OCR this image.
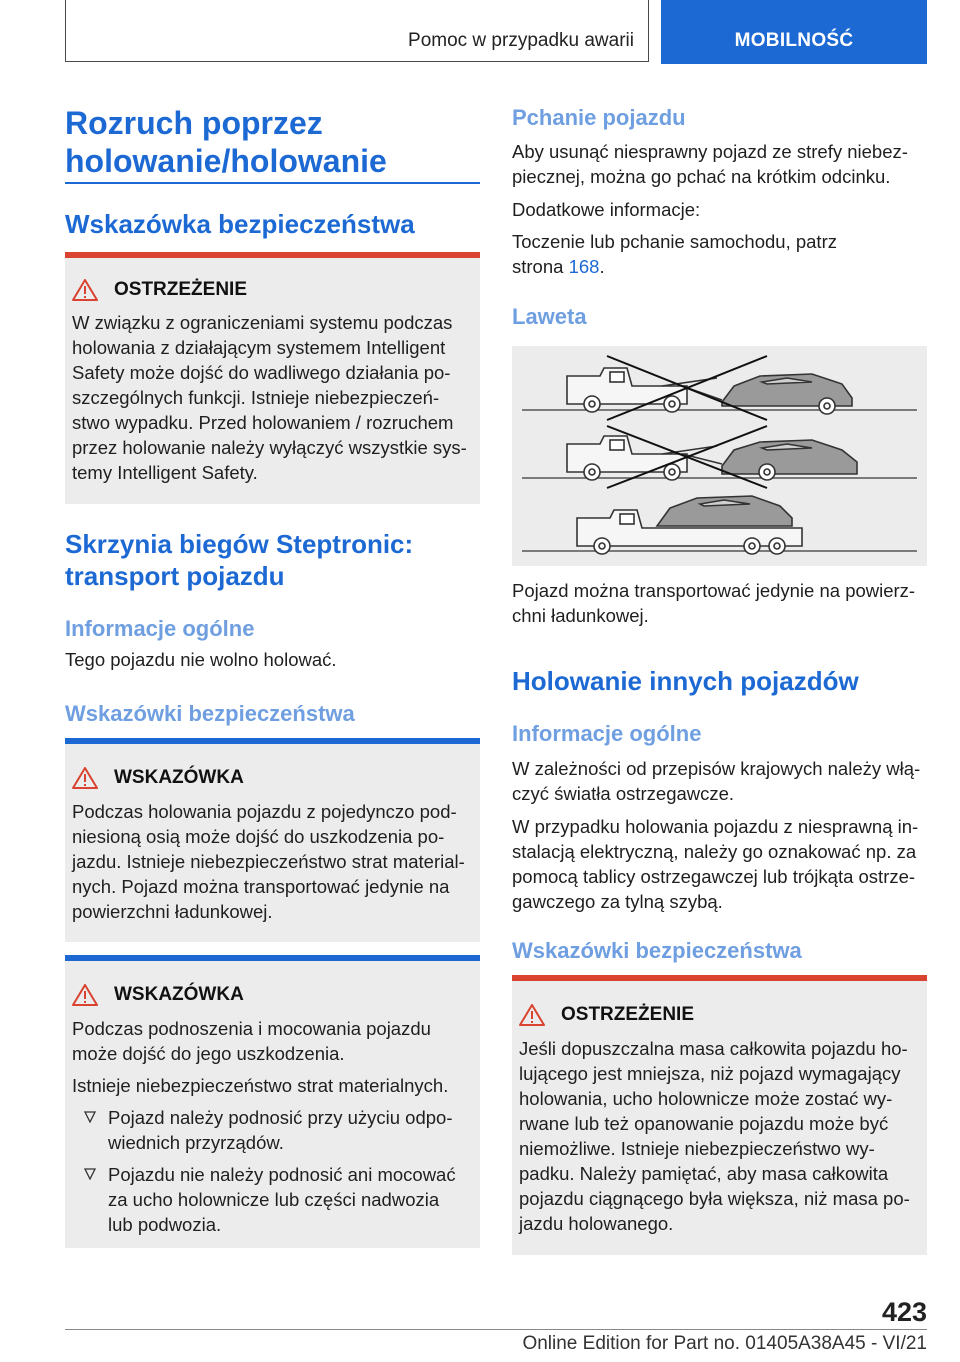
Pomoc w przypadku awarii	MOBILNOŚĆ
Rozruch poprzez
holowanie/holowanie
Wskazówka bezpieczeństwa
OSTRZEŻENIE
W związku z ograniczeniami systemu podczas
holowania z działającym systemem Intelligent
Safety może dojść do wadliwego działania po-
szczególnych funkcji. Istnieje niebezpieczeń-
stwo wypadku. Przed holowaniem / rozruchem
przez holowanie należy wyłączyć wszystkie sys-
temy Intelligent Safety.
Skrzynia biegów Steptronic:
transport pojazdu
Informacje ogólne
Tego pojazdu nie wolno holować.
Wskazówki bezpieczeństwa
WSKAZÓWKA
Podczas holowania pojazdu z pojedynczo pod-
niesioną osią może dojść do uszkodzenia po-
jazdu. Istnieje niebezpieczeństwo strat material-
nych. Pojazd można transportować jedynie na
powierzchni ładunkowej.
WSKAZÓWKA
Podczas podnoszenia i mocowania pojazdu
może dojść do jego uszkodzenia.
Istnieje niebezpieczeństwo strat materialnych.
Pojazd należy podnosić przy użyciu odpo-
wiednich przyrządów.
Pojazdu nie należy podnosić ani mocować
za ucho holownicze lub części nadwozia
lub podwozia.
Pchanie pojazdu
Aby usunąć niesprawny pojazd ze strefy niebez-
piecznej, można go pchać na krótkim odcinku.
Dodatkowe informacje:
Toczenie lub pchanie samochodu, patrz
strona 168.
Laweta
Pojazd można transportować jedynie na powierz-
chni ładunkowej.
Holowanie innych pojazdów
Informacje ogólne
W zależności od przepisów krajowych należy włą-
czyć światła ostrzegawcze.
W przypadku holowania pojazdu z niesprawną in-
stalacją elektryczną, należy go oznakować np. za
pomocą tablicy ostrzegawczej lub trójkąta ostrze-
gawczego za tylną szybą.
Wskazówki bezpieczeństwa
OSTRZEŻENIE
Jeśli dopuszczalna masa całkowita pojazdu ho-
lującego jest mniejsza, niż pojazd wymagający
holowania, ucho holownicze może zostać wy-
rwane lub też opanowanie pojazdu może być
niemożliwe. Istnieje niebezpieczeństwo wy-
padku. Należy pamiętać, aby masa całkowita
pojazdu ciągnącego była większa, niż masa po-
jazdu holowanego.
423
Online Edition for Part no. 01405A38A45 - VI/21
